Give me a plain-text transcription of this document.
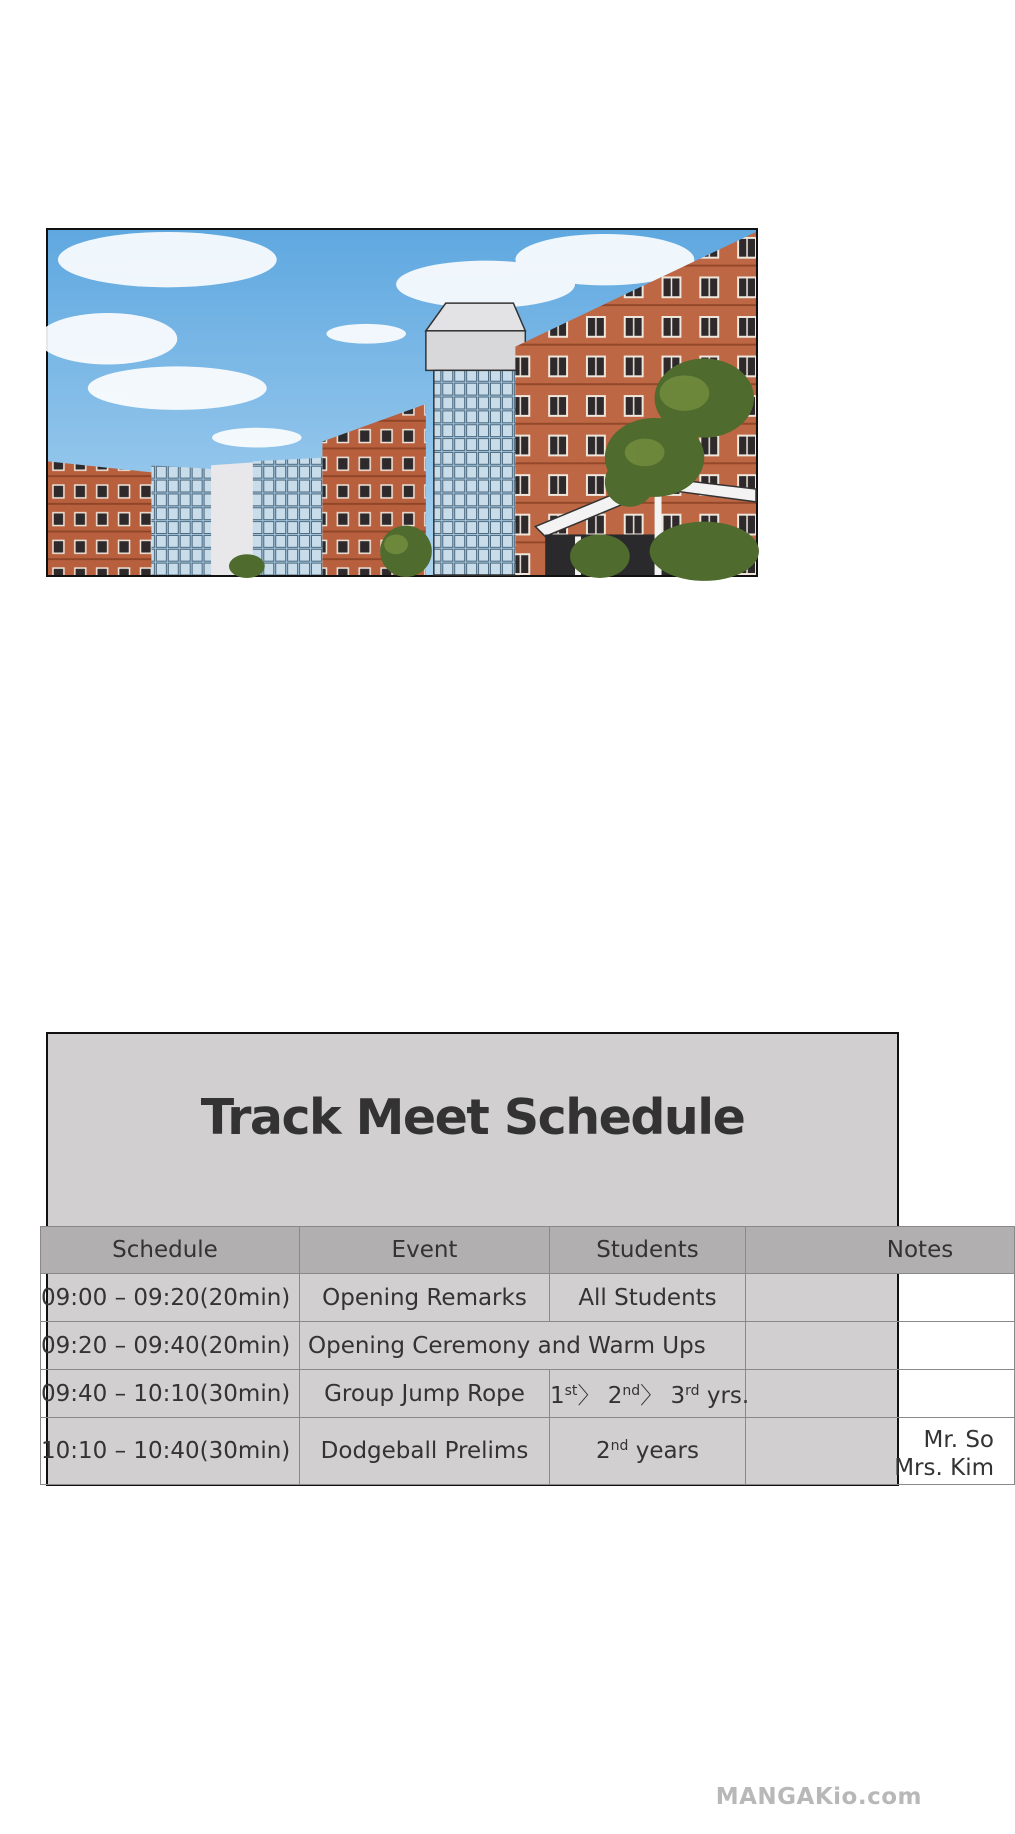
Track Meet Schedule
Schedule	Event	Students	Notes
09:00 – 09:20(20min)	Opening Remarks	All Students	
09:20 – 09:40(20min)	Opening Ceremony and Warm Ups		
09:40 – 10:10(30min)	Group Jump Rope	1st〉 2nd〉 3rd yrs.	
10:10 – 10:40(30min)	Dodgeball Prelims	2nd years	Mr. So
Mrs. Kim
MANGAKio.com
